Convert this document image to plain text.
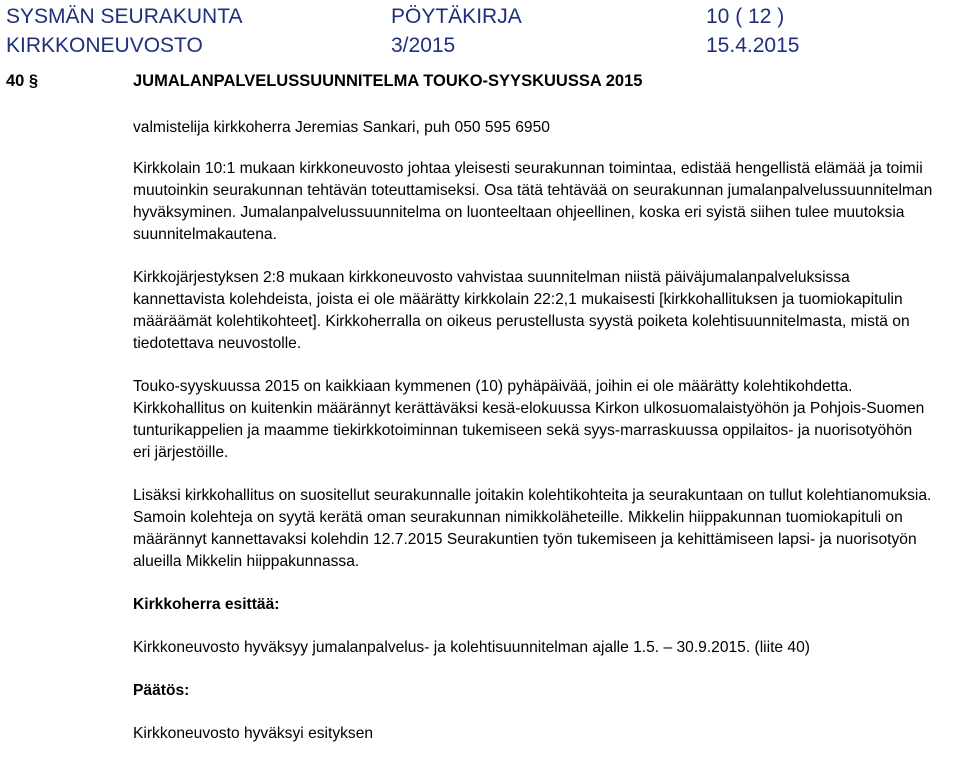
SYSMÄN SEURAKUNTA	PÖYTÄKIRJA	10 ( 12 )
KIRKKONEUVOSTO	3/2015	15.4.2015
40 §	JUMALANPALVELUSSUUNNITELMA TOUKO-SYYSKUUSSA 2015

valmistelija kirkkoherra Jeremias Sankari, puh 050 595 6950

Kirkkolain 10:1 mukaan kirkkoneuvosto johtaa yleisesti seurakunnan toimintaa, edistää hengellistä elämää ja toimii muutoinkin seurakunnan tehtävän toteuttamiseksi. Osa tätä tehtävää on seurakunnan jumalanpalvelussuunnitelman hyväksyminen. Jumalanpalvelussuunnitelma on luonteeltaan ohjeellinen, koska eri syistä siihen tulee muutoksia suunnitelmakautena.

Kirkkojärjestyksen 2:8 mukaan kirkkoneuvosto vahvistaa suunnitelman niistä päiväjumalanpalveluksissa kannettavista kolehdeista, joista ei ole määrätty kirkkolain 22:2,1 mukaisesti [kirkkohallituksen ja tuomiokapitulin määräämät kolehtikohteet]. Kirkkoherralla on oikeus perustellusta syystä poiketa kolehtisuunnitelmasta, mistä on tiedotettava neuvostolle.

Touko-syyskuussa 2015 on kaikkiaan kymmenen (10) pyhäpäivää, joihin ei ole määrätty kolehtikohdetta. Kirkkohallitus on kuitenkin määrännyt kerättäväksi kesä-elokuussa Kirkon ulkosuomalaistyöhön ja Pohjois-Suomen tunturikappelien ja maamme tiekirkkotoiminnan tukemiseen sekä syys-marraskuussa oppilaitos- ja nuorisotyöhön eri järjestöille.

Lisäksi kirkkohallitus on suositellut seurakunnalle joitakin kolehtikohteita ja seurakuntaan on tullut kolehtianomuksia. Samoin kolehteja on syytä kerätä oman seurakunnan nimikkoläheteille. Mikkelin hiippakunnan tuomiokapituli on määrännyt kannettavaksi kolehdin 12.7.2015 Seurakuntien työn tukemiseen ja kehittämiseen lapsi- ja nuorisotyön alueilla Mikkelin hiippakunnassa.

Kirkkoherra esittää:

Kirkkoneuvosto hyväksyy jumalanpalvelus- ja kolehtisuunnitelman ajalle 1.5. – 30.9.2015. (liite 40)

Päätös:

Kirkkoneuvosto hyväksyi esityksen
